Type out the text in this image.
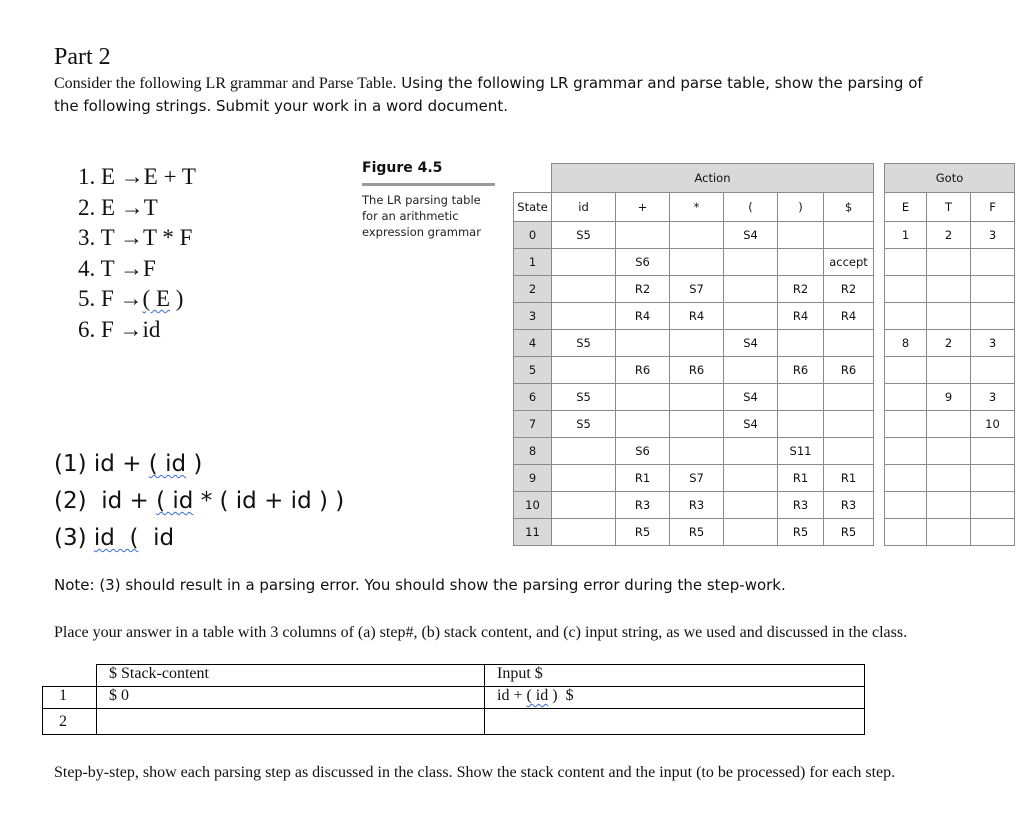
Part 2
Consider the following LR grammar and Parse Table. Using the following LR grammar and parse table, show the parsing of the following strings. Submit your work in a word document.
1. E →E + T
2. E →T
3. T →T * F
4. T →F
5. F →( E )
6. F →id
Figure 4.5
The LR parsing table for an arithmetic expression grammar
	Action							Goto		
State	id	+	*	(	)	$		E	T	F
0	S5			S4				1	2	3
1		S6				accept				
2		R2	S7		R2	R2				
3		R4	R4		R4	R4				
4	S5			S4				8	2	3
5		R6	R6		R6	R6				
6	S5			S4					9	3
7	S5			S4						10
8		S6			S11					
9		R1	S7		R1	R1				
10		R3	R3		R3	R3				
11		R5	R5		R5	R5				
(1) id + ( id )
(2)  id + ( id * ( id + id ) )
(3) id  (  id
Note: (3) should result in a parsing error. You should show the parsing error during the step-work.
Place your answer in a table with 3 columns of (a) step#, (b) stack content, and (c) input string, as we used and discussed in the class.
	$ Stack-content	Input $
1	$ 0	id + ( id )  $
2		
Step-by-step, show each parsing step as discussed in the class. Show the stack content and the input (to be processed) for each step.
